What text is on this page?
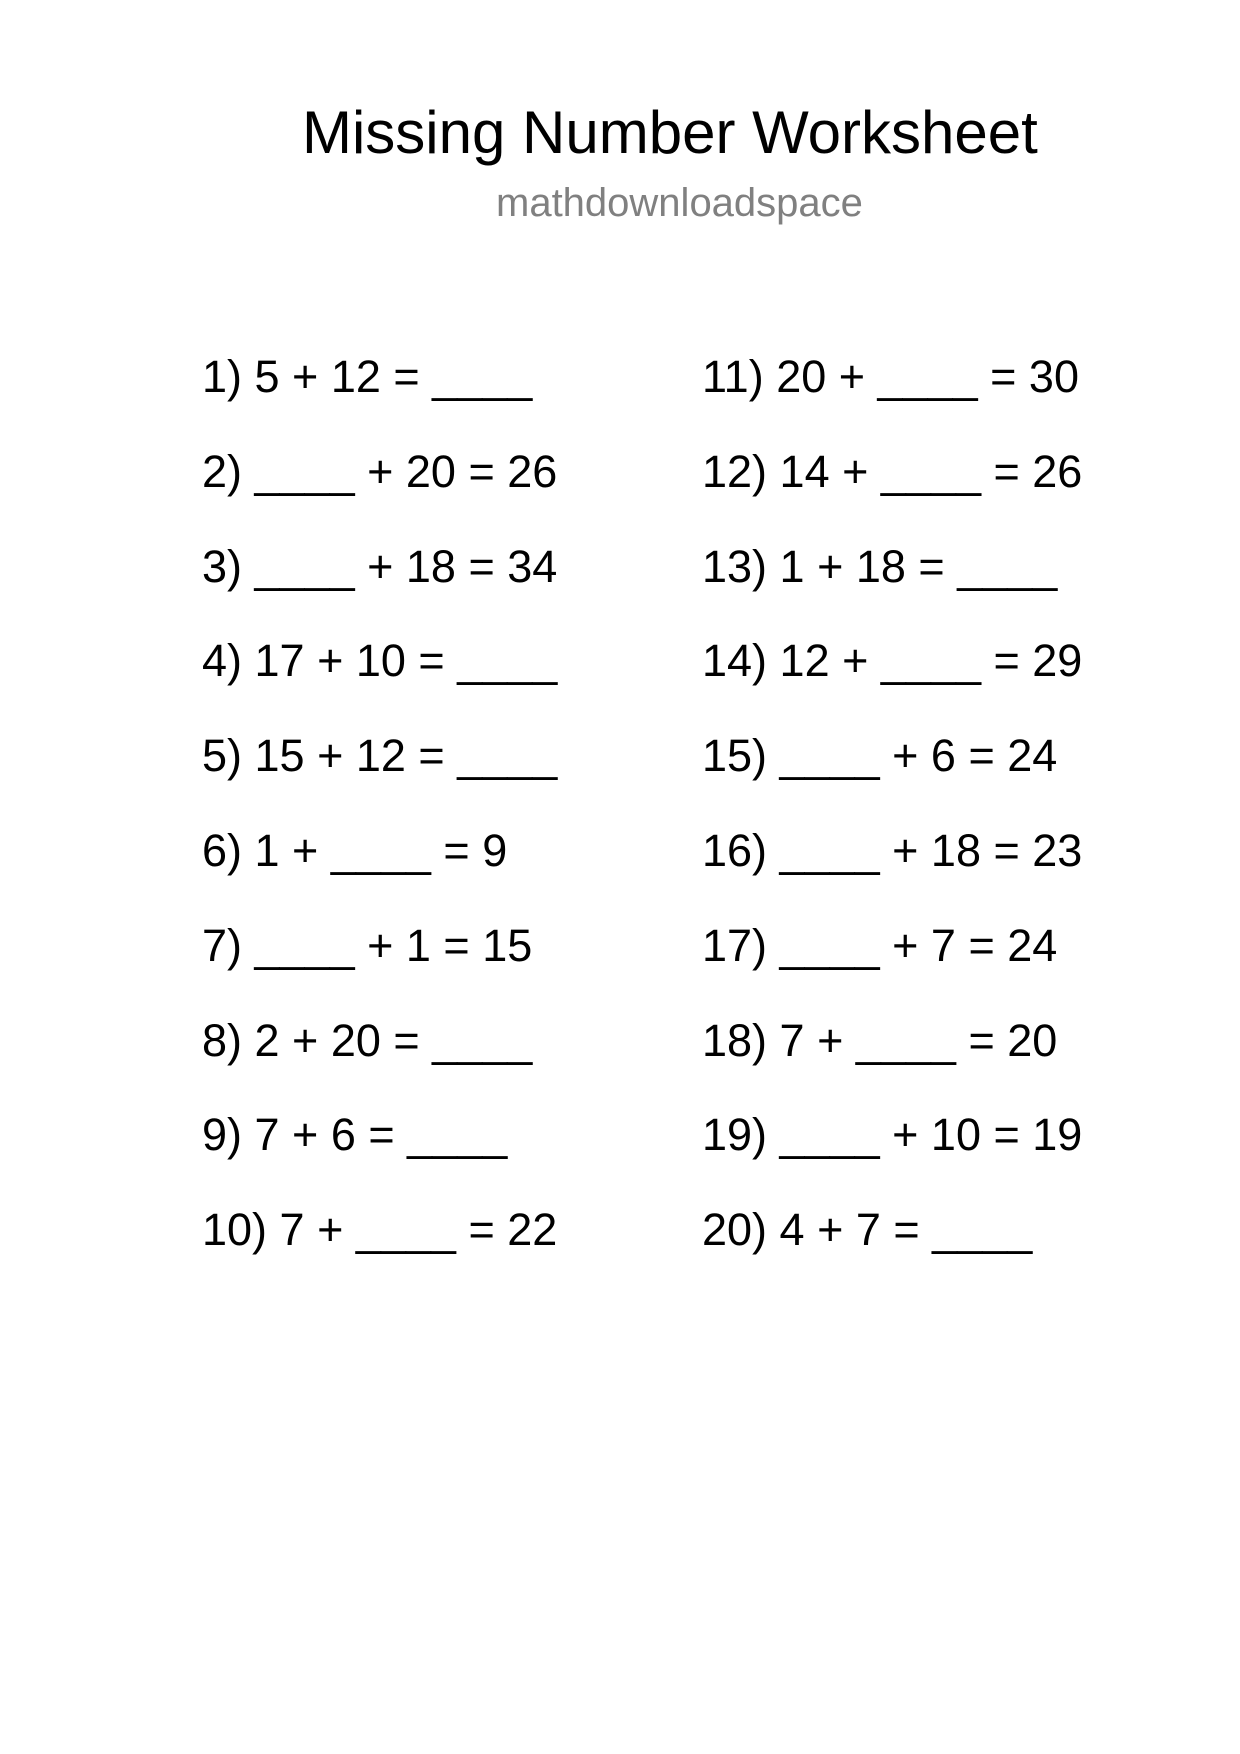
Missing Number Worksheet
mathdownloadspace
1) 5 + 12 = ____
2) ____ + 20 = 26
3) ____ + 18 = 34
4) 17 + 10 = ____
5) 15 + 12 = ____
6) 1 + ____ = 9
7) ____ + 1 = 15
8) 2 + 20 = ____
9) 7 + 6 = ____
10) 7 + ____ = 22
11) 20 + ____ = 30
12) 14 + ____ = 26
13) 1 + 18 = ____
14) 12 + ____ = 29
15) ____ + 6 = 24
16) ____ + 18 = 23
17) ____ + 7 = 24
18) 7 + ____ = 20
19) ____ + 10 = 19
20) 4 + 7 = ____
